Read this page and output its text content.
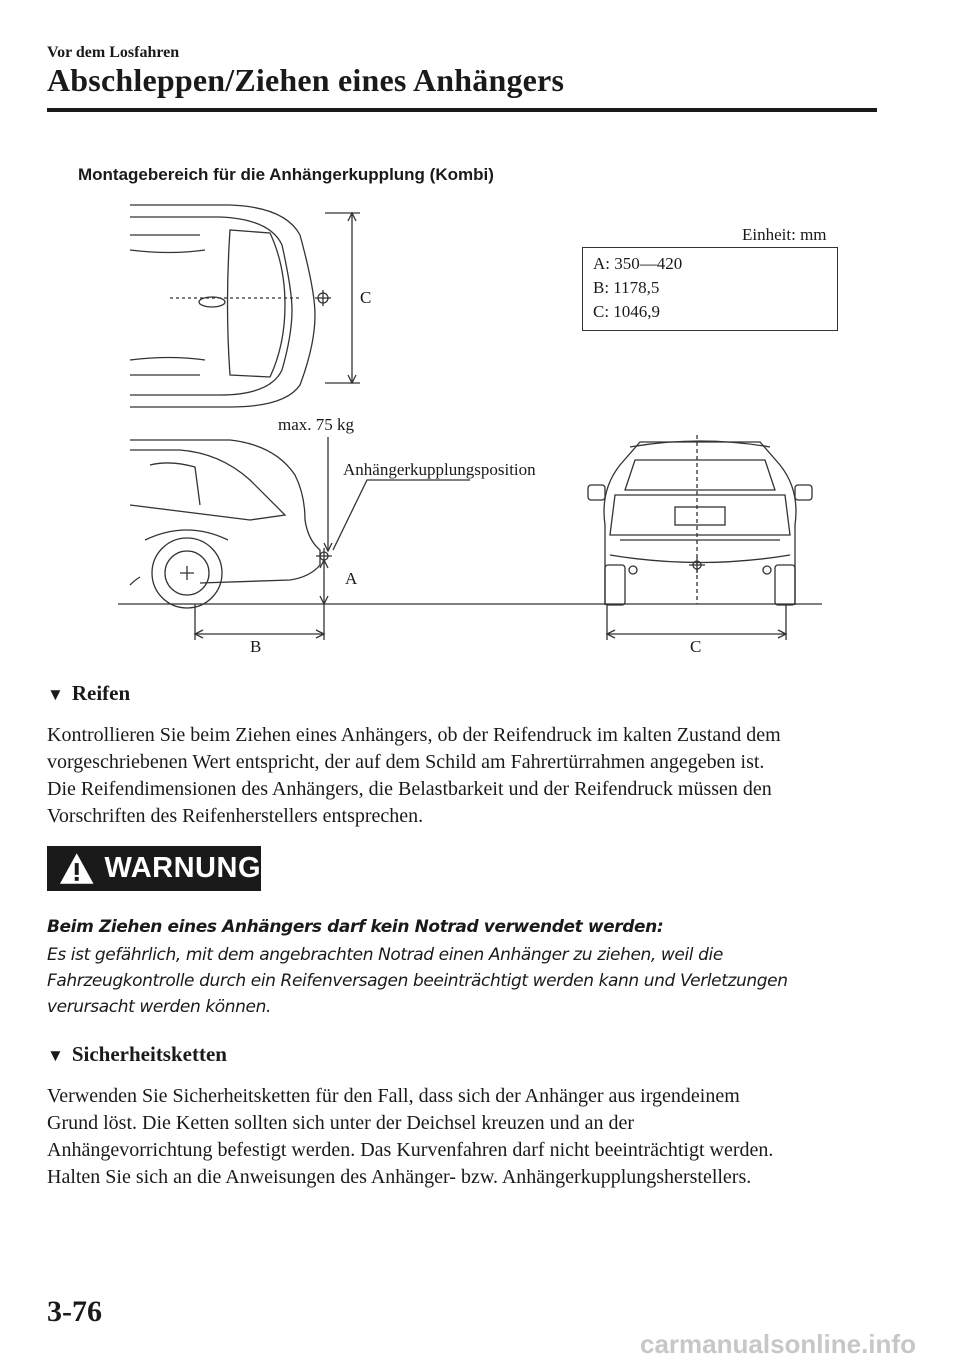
Vor dem Losfahren
Abschleppen/Ziehen eines Anhängers
Montagebereich für die Anhängerkupplung (Kombi)
C
max. 75 kg
Anhängerkupplungsposition
A
B	C
Einheit: mm
A: 350—420
B: 1178,5
C: 1046,9
▼ Reifen
Kontrollieren Sie beim Ziehen eines Anhängers, ob der Reifendruck im kalten Zustand dem
vorgeschriebenen Wert entspricht, der auf dem Schild am Fahrertürrahmen angegeben ist.
Die Reifendimensionen des Anhängers, die Belastbarkeit und der Reifendruck müssen den
Vorschriften des Reifenherstellers entsprechen.
WARNUNG
Beim Ziehen eines Anhängers darf kein Notrad verwendet werden:
Es ist gefährlich, mit dem angebrachten Notrad einen Anhänger zu ziehen, weil die
Fahrzeugkontrolle durch ein Reifenversagen beeinträchtigt werden kann und Verletzungen
verursacht werden können.
▼ Sicherheitsketten
Verwenden Sie Sicherheitsketten für den Fall, dass sich der Anhänger aus irgendeinem
Grund löst. Die Ketten sollten sich unter der Deichsel kreuzen und an der
Anhängevorrichtung befestigt werden. Das Kurvenfahren darf nicht beeinträchtigt werden.
Halten Sie sich an die Anweisungen des Anhänger- bzw. Anhängerkupplungsherstellers.
3-76
carmanualsonline.info
